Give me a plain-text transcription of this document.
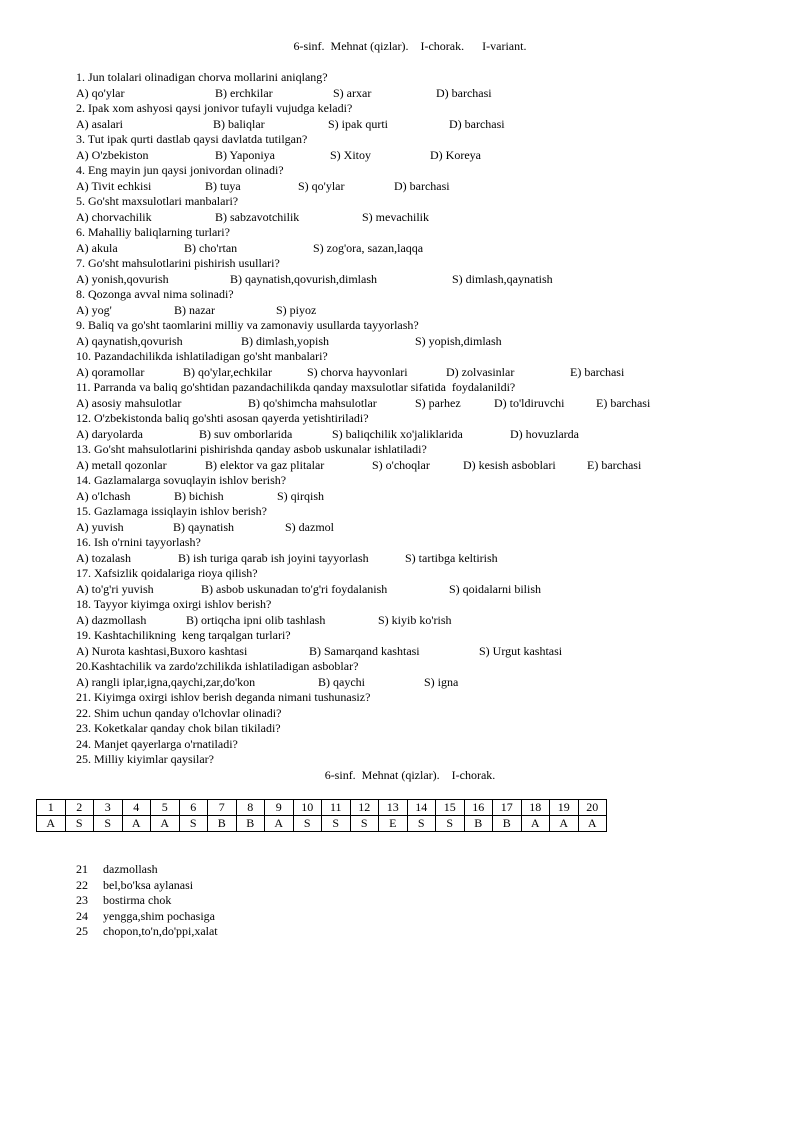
6-sinf.  Mehnat (qizlar).    I-chorak.      I-variant.
1. Jun tolalari olinadigan chorva mollarini aniqlang?
A) qo'ylar	B) erchkilar	S) arxar	D) barchasi
2. Ipak xom ashyosi qaysi jonivor tufayli vujudga keladi?
A) asalari	B) baliqlar	S) ipak qurti	D) barchasi
3. Tut ipak qurti dastlab qaysi davlatda tutilgan?
A) O'zbekiston	B) Yaponiya	S) Xitoy	D) Koreya
4. Eng mayin jun qaysi jonivordan olinadi?
A) Tivit echkisi	B) tuya	S) qo'ylar	D) barchasi
5. Go'sht maxsulotlari manbalari?
A) chorvachilik	B) sabzavotchilik	S) mevachilik
6. Mahalliy baliqlarning turlari?
A) akula	B) cho'rtan	S) zog'ora, sazan,laqqa
7. Go'sht mahsulotlarini pishirish usullari?
A) yonish,qovurish	B) qaynatish,qovurish,dimlash	S) dimlash,qaynatish
8. Qozonga avval nima solinadi?
A) yog'	B) nazar	S) piyoz
9. Baliq va go'sht taomlarini milliy va zamonaviy usullarda tayyorlash?
A) qaynatish,qovurish	B) dimlash,yopish	S) yopish,dimlash
10. Pazandachilikda ishlatiladigan go'sht manbalari?
A) qoramollar	B) qo'ylar,echkilar	S) chorva hayvonlari	D) zolvasinlar	E) barchasi
11. Parranda va baliq go'shtidan pazandachilikda qanday maxsulotlar sifatida  foydalanildi?
A) asosiy mahsulotlar	B) qo'shimcha mahsulotlar	S) parhez	D) to'ldiruvchi	E) barchasi
12. O'zbekistonda baliq go'shti asosan qayerda yetishtiriladi?
A) daryolarda	B) suv omborlarida	S) baliqchilik xo'jaliklarida	D) hovuzlarda
13. Go'sht mahsulotlarini pishirishda qanday asbob uskunalar ishlatiladi?
A) metall qozonlar	B) elektor va gaz plitalar	S) o'choqlar	D) kesish asboblari	E) barchasi
14. Gazlamalarga sovuqlayin ishlov berish?
A) o'lchash	B) bichish	S) qirqish
15. Gazlamaga issiqlayin ishlov berish?
A) yuvish	B) qaynatish	S) dazmol
16. Ish o'rnini tayyorlash?
A) tozalash	B) ish turiga qarab ish joyini tayyorlash	S) tartibga keltirish
17. Xafsizlik qoidalariga rioya qilish?
A) to'g'ri yuvish	B) asbob uskunadan to'g'ri foydalanish	S) qoidalarni bilish
18. Tayyor kiyimga oxirgi ishlov berish?
A) dazmollash	B) ortiqcha ipni olib tashlash	S) kiyib ko'rish
19. Kashtachilikning  keng tarqalgan turlari?
A) Nurota kashtasi,Buxoro kashtasi	B) Samarqand kashtasi	S) Urgut kashtasi
20.Kashtachilik va zardo'zchilikda ishlatiladigan asboblar?
A) rangli iplar,igna,qaychi,zar,do'kon	B) qaychi	S) igna
21. Kiyimga oxirgi ishlov berish deganda nimani tushunasiz?
22. Shim uchun qanday o'lchovlar olinadi?
23. Koketkalar qanday chok bilan tikiladi?
24. Manjet qayerlarga o'rnatiladi?
25. Milliy kiyimlar qaysilar?
6-sinf.  Mehnat (qizlar).    I-chorak.
1	2	3	4	5	6	7	8	9	10	11	12	13	14	15	16	17	18	19	20
A	S	S	A	A	S	B	B	A	S	S	S	E	S	S	B	B	A	A	A
21 dazmollash
22 bel,bo'ksa aylanasi
23 bostirma chok
24 yengga,shim pochasiga
25 chopon,to'n,do'ppi,xalat
